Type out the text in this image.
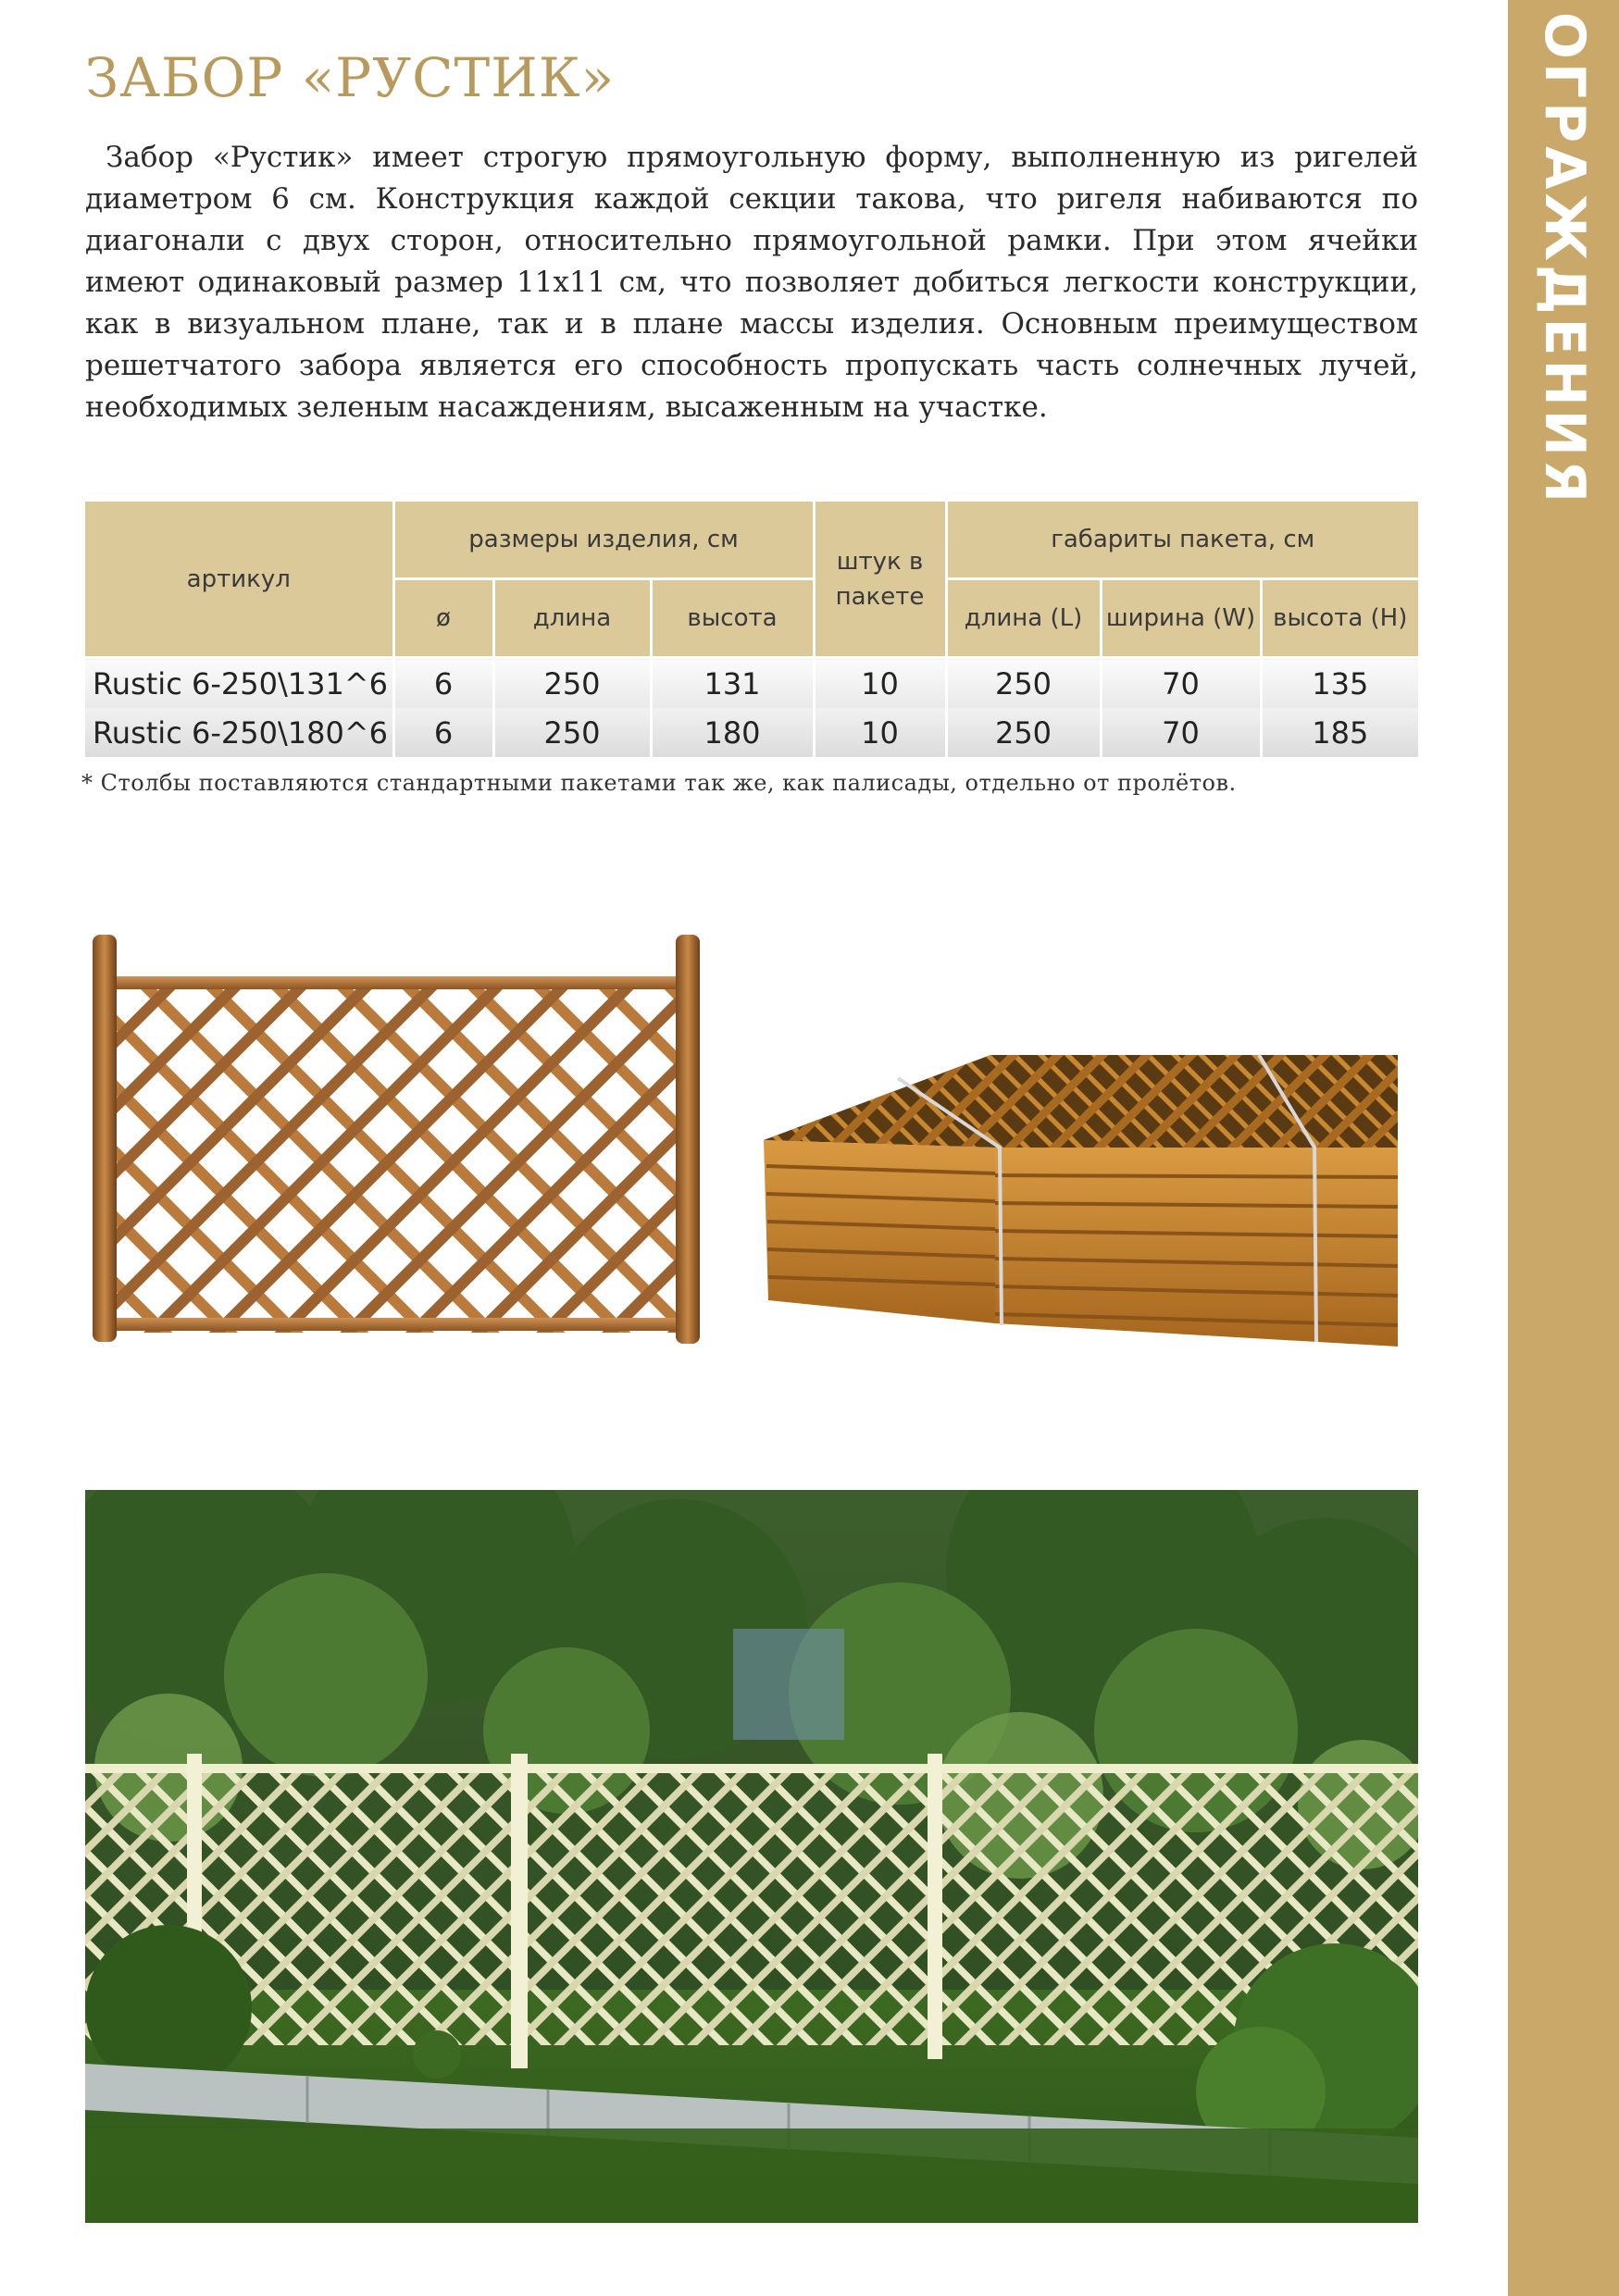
ОГРАЖДЕНИЯ
ЗАБОР «РУСТИК»

Забор «Рустик» имеет строгую прямоугольную форму, выполненную из ригелей диаметром 6 см. Конструкция каждой секции такова, что ригеля набиваются по диагонали с двух сторон, относительно прямоугольной рамки. При этом ячейки имеют одинаковый размер 11х11 см, что позволяет добиться легкости конструкции, как в визуальном плане, так и в плане массы изделия. Основным преимуществом решетчатого забора является его способность пропускать часть солнечных лучей, необходимых зеленым насаждениям, высаженным на участке.

артикул	размеры изделия, см			штук в пакете	габариты пакета, см		
	ø	длина	высота		длина (L)	ширина (W)	высота (H)
Rustic 6-250\131^6	6	250	131	10	250	70	135
Rustic 6-250\180^6	6	250	180	10	250	70	185

* Столбы поставляются стандартными пакетами так же, как палисады, отдельно от пролётов.
